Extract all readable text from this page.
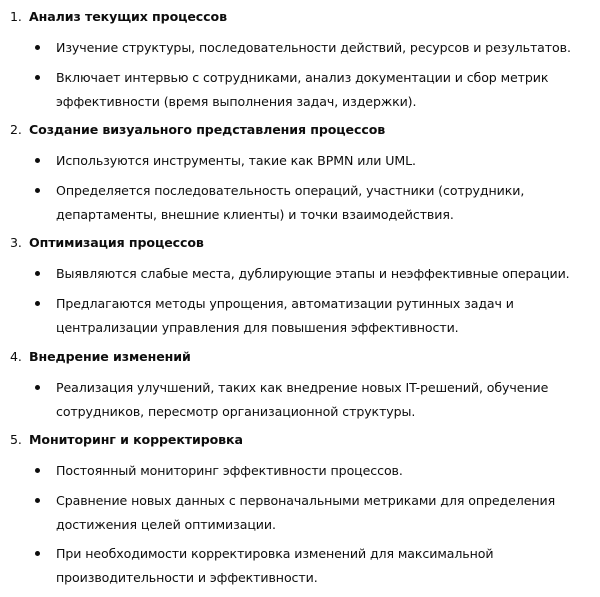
1. Анализ текущих процессов
Изучение структуры, последовательности действий, ресурсов и результатов.
Включает интервью с сотрудниками, анализ документации и сбор метрик эффективности (время выполнения задач, издержки).
2. Создание визуального представления процессов
Используются инструменты, такие как BPMN или UML.
Определяется последовательность операций, участники (сотрудники, департаменты, внешние клиенты) и точки взаимодействия.
3. Оптимизация процессов
Выявляются слабые места, дублирующие этапы и неэффективные операции.
Предлагаются методы упрощения, автоматизации рутинных задач и централизации управления для повышения эффективности.
4. Внедрение изменений
Реализация улучшений, таких как внедрение новых IT-решений, обучение сотрудников, пересмотр организационной структуры.
5. Мониторинг и корректировка
Постоянный мониторинг эффективности процессов.
Сравнение новых данных с первоначальными метриками для определения достижения целей оптимизации.
При необходимости корректировка изменений для максимальной производительности и эффективности.
